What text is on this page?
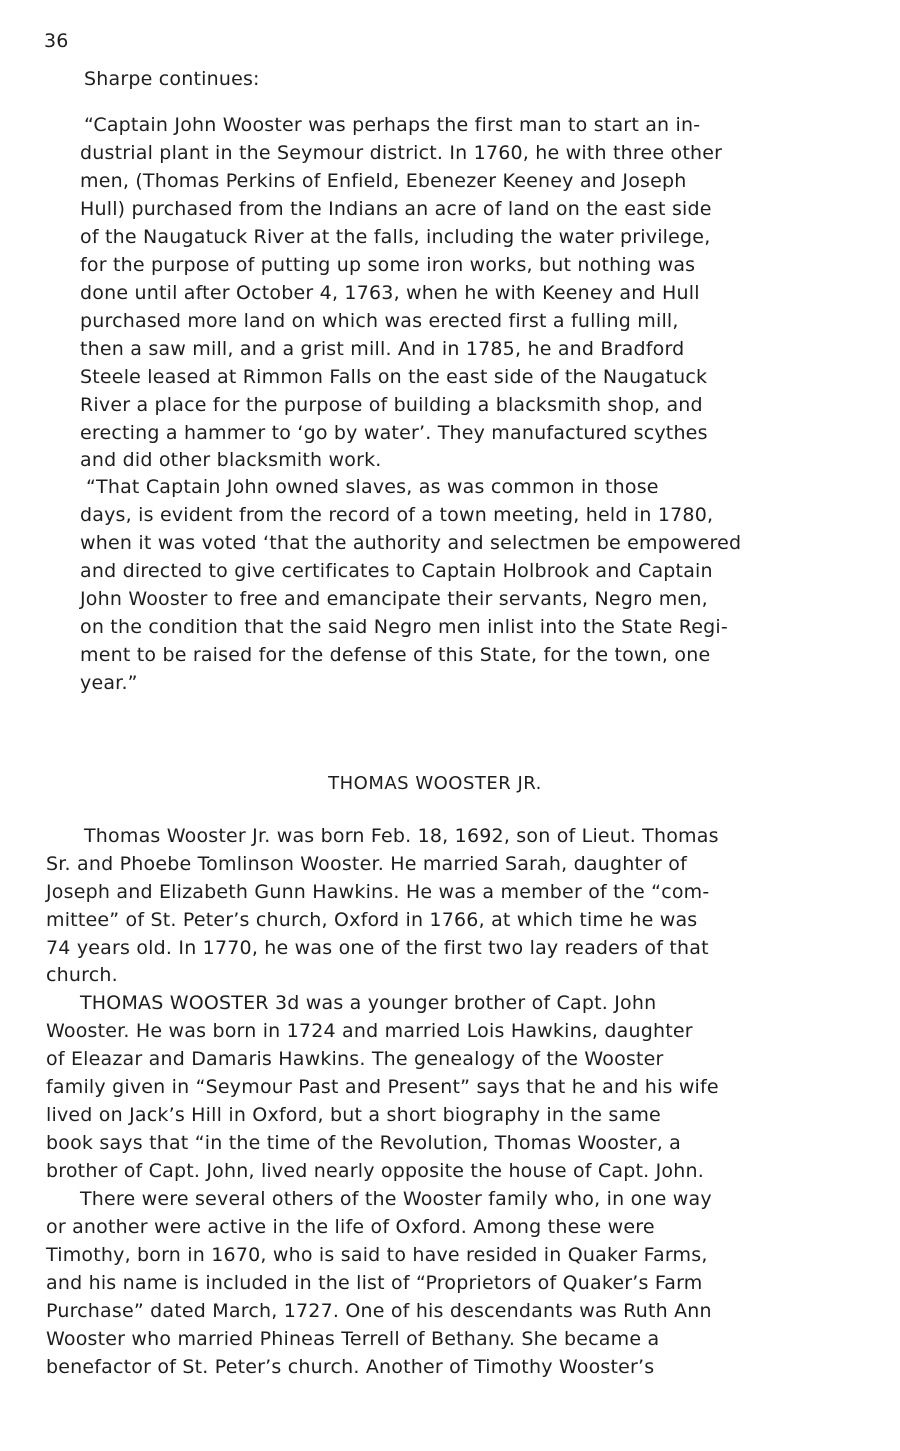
36

Sharpe continues:

“Captain John Wooster was perhaps the first man to start an in-

dustrial plant in the Seymour district. In 1760, he with three other

men, (Thomas Perkins of Enfield, Ebenezer Keeney and Joseph

Hull) purchased from the Indians an acre of land on the east side

of the Naugatuck River at the falls, including the water privilege,

for the purpose of putting up some iron works, but nothing was

done until after October 4, 1763, when he with Keeney and Hull

purchased more land on which was erected first a fulling mill,

then a saw mill, and a grist mill. And in 1785, he and Bradford

Steele leased at Rimmon Falls on the east side of the Naugatuck

River a place for the purpose of building a blacksmith shop, and

erecting a hammer to ‘go by water’. They manufactured scythes

and did other blacksmith work.

“That Captain John owned slaves, as was common in those

days, is evident from the record of a town meeting, held in 1780,

when it was voted ‘that the authority and selectmen be empowered

and directed to give certificates to Captain Holbrook and Captain

John Wooster to free and emancipate their servants, Negro men,

on the condition that the said Negro men inlist into the State Regi-

ment to be raised for the defense of this State, for the town, one

year.”

THOMAS WOOSTER JR.

Thomas Wooster Jr. was born Feb. 18, 1692, son of Lieut. Thomas

Sr. and Phoebe Tomlinson Wooster. He married Sarah, daughter of

Joseph and Elizabeth Gunn Hawkins. He was a member of the “com-

mittee” of St. Peter’s church, Oxford in 1766, at which time he was

74 years old. In 1770, he was one of the first two lay readers of that

church.

THOMAS WOOSTER 3d was a younger brother of Capt. John

Wooster. He was born in 1724 and married Lois Hawkins, daughter

of Eleazar and Damaris Hawkins. The genealogy of the Wooster

family given in “Seymour Past and Present” says that he and his wife

lived on Jack’s Hill in Oxford, but a short biography in the same

book says that “in the time of the Revolution, Thomas Wooster, a

brother of Capt. John, lived nearly opposite the house of Capt. John.

There were several others of the Wooster family who, in one way

or another were active in the life of Oxford. Among these were

Timothy, born in 1670, who is said to have resided in Quaker Farms,

and his name is included in the list of “Proprietors of Quaker’s Farm

Purchase” dated March, 1727. One of his descendants was Ruth Ann

Wooster who married Phineas Terrell of Bethany. She became a

benefactor of St. Peter’s church. Another of Timothy Wooster’s
